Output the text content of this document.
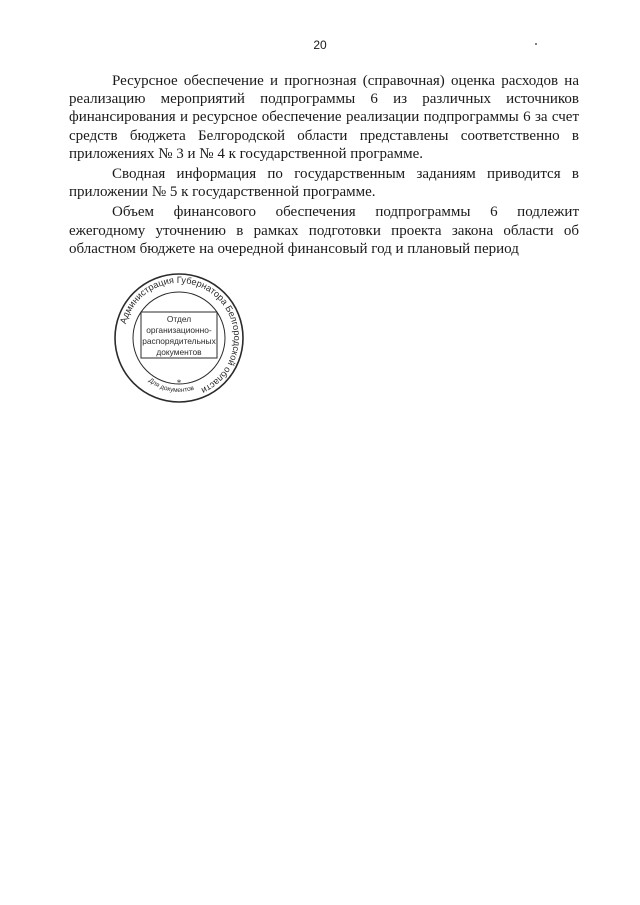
20

Ресурсное обеспечение и прогнозная (справочная) оценка расходов на реализацию мероприятий подпрограммы 6 из различных источников финансирования и ресурсное обеспечение реализации подпрограммы 6 за счет средств бюджета Белгородской области представлены соответственно в приложениях № 3 и № 4 к государственной программе.

Сводная информация по государственным заданиям приводится в приложении № 5 к государственной программе.

Объем финансового обеспечения подпрограммы 6 подлежит ежегодному уточнению в рамках подготовки проекта закона области об областном бюджете на очередной финансовый год и плановый период

Администрация Губернатора Белгородской области
Для документов
Отдел
организационно-
распорядительных
документов
*
